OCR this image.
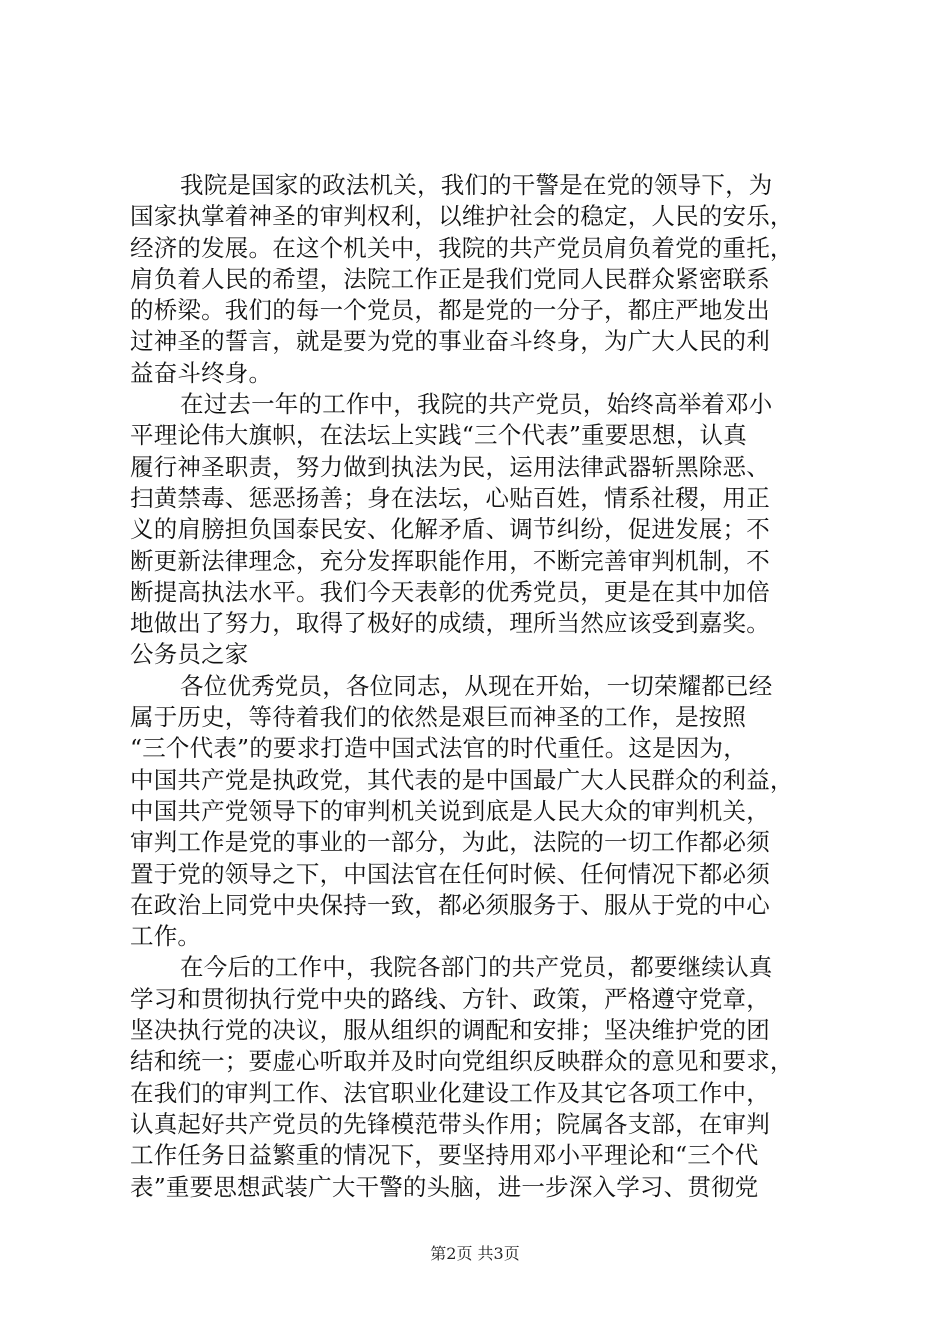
我院是国家的政法机关，我们的干警是在党的领导下，为
国家执掌着神圣的审判权利，以维护社会的稳定，人民的安乐，
经济的发展。在这个机关中，我院的共产党员肩负着党的重托，
肩负着人民的希望，法院工作正是我们党同人民群众紧密联系
的桥梁。我们的每一个党员，都是党的一分子，都庄严地发出
过神圣的誓言，就是要为党的事业奋斗终身，为广大人民的利
益奋斗终身。
在过去一年的工作中，我院的共产党员，始终高举着邓小
平理论伟大旗帜，在法坛上实践“三个代表”重要思想，认真
履行神圣职责，努力做到执法为民，运用法律武器斩黑除恶、
扫黄禁毒、惩恶扬善；身在法坛，心贴百姓，情系社稷，用正
义的肩膀担负国泰民安、化解矛盾、调节纠纷，促进发展；不
断更新法律理念，充分发挥职能作用，不断完善审判机制，不
断提高执法水平。我们今天表彰的优秀党员，更是在其中加倍
地做出了努力，取得了极好的成绩，理所当然应该受到嘉奖。
公务员之家
各位优秀党员，各位同志，从现在开始，一切荣耀都已经
属于历史，等待着我们的依然是艰巨而神圣的工作，是按照
“三个代表”的要求打造中国式法官的时代重任。这是因为，
中国共产党是执政党，其代表的是中国最广大人民群众的利益，
中国共产党领导下的审判机关说到底是人民大众的审判机关，
审判工作是党的事业的一部分，为此，法院的一切工作都必须
置于党的领导之下，中国法官在任何时候、任何情况下都必须
在政治上同党中央保持一致，都必须服务于、服从于党的中心
工作。
在今后的工作中，我院各部门的共产党员，都要继续认真
学习和贯彻执行党中央的路线、方针、政策，严格遵守党章，
坚决执行党的决议，服从组织的调配和安排；坚决维护党的团
结和统一；要虚心听取并及时向党组织反映群众的意见和要求，
在我们的审判工作、法官职业化建设工作及其它各项工作中，
认真起好共产党员的先锋模范带头作用；院属各支部，在审判
工作任务日益繁重的情况下，要坚持用邓小平理论和“三个代
表”重要思想武装广大干警的头脑，进一步深入学习、贯彻党
第2页 共3页
